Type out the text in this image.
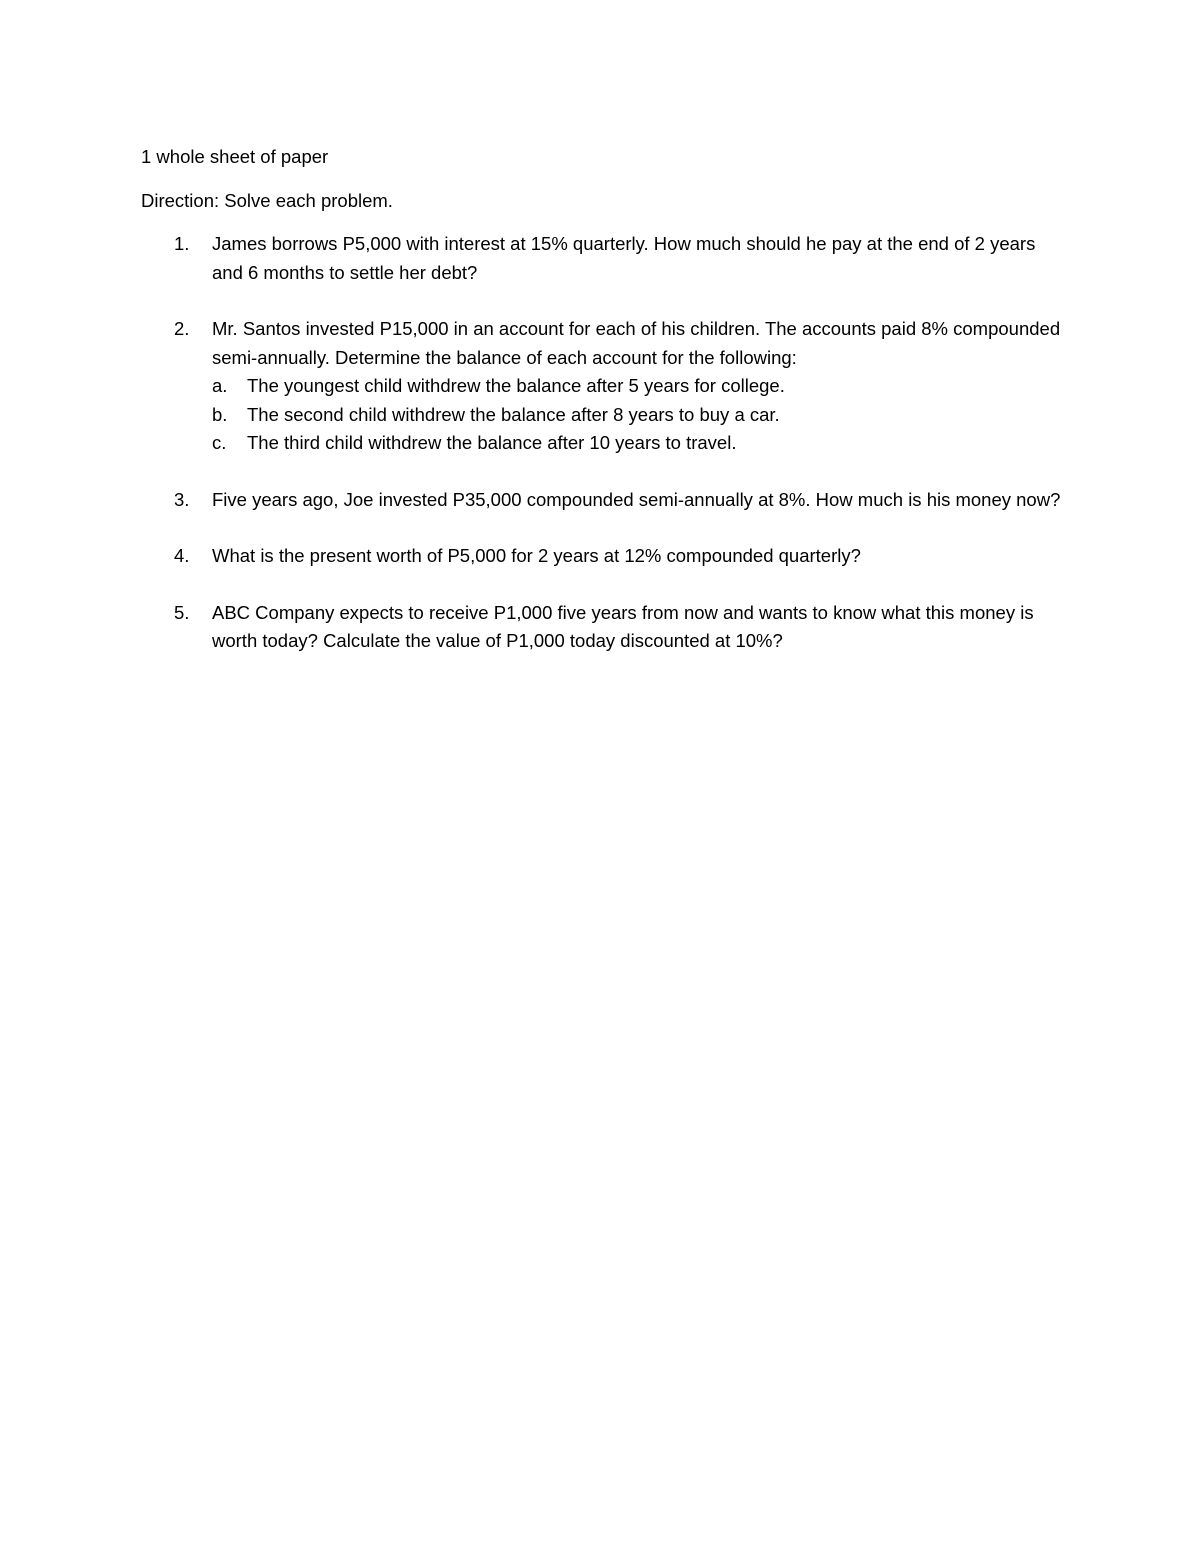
1 whole sheet of paper

Direction: Solve each problem.

1. James borrows P5,000 with interest at 15% quarterly. How much should he pay at the end of 2 years and 6 months to settle her debt?
2. Mr. Santos invested P15,000 in an account for each of his children. The accounts paid 8% compounded semi-annually. Determine the balance of each account for the following:
a. The youngest child withdrew the balance after 5 years for college.
b. The second child withdrew the balance after 8 years to buy a car.
c. The third child withdrew the balance after 10 years to travel.
3. Five years ago, Joe invested P35,000 compounded semi-annually at 8%. How much is his money now?
4. What is the present worth of P5,000 for 2 years at 12% compounded quarterly?
5. ABC Company expects to receive P1,000 five years from now and wants to know what this money is worth today? Calculate the value of P1,000 today discounted at 10%?
